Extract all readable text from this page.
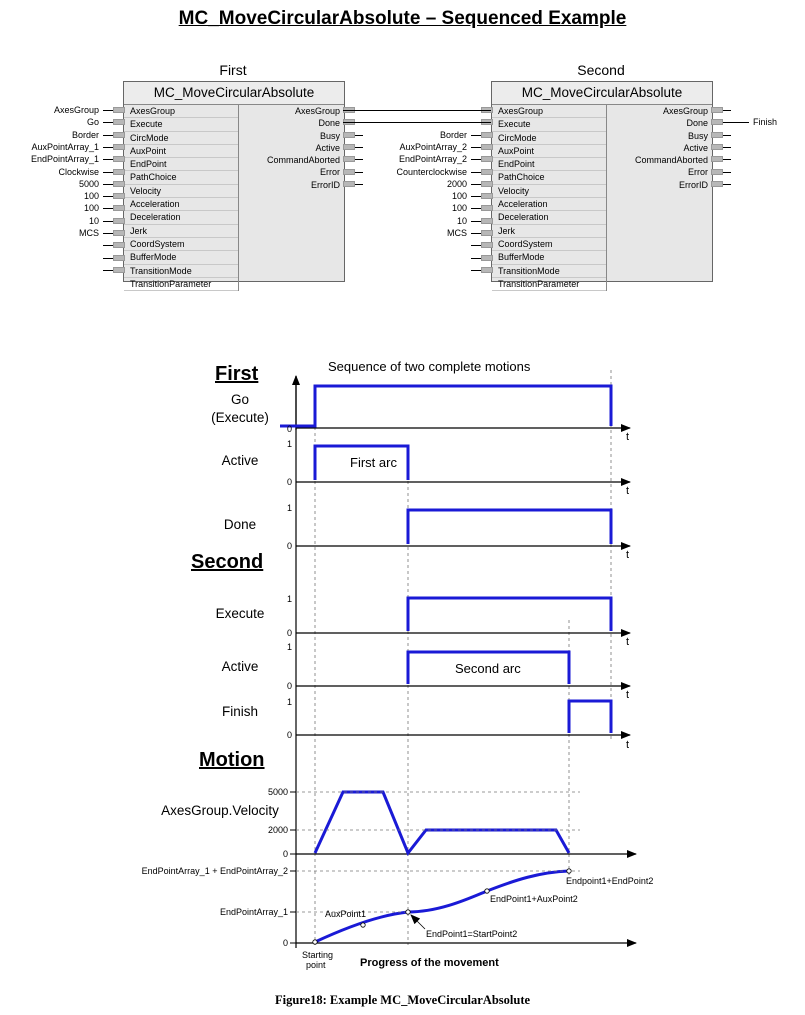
MC_MoveCircularAbsolute – Sequenced Example
First
MC_MoveCircularAbsolute
AxesGroup
Execute
CircMode
AuxPoint
EndPoint
PathChoice
Velocity
Acceleration
Deceleration
Jerk
CoordSystem
BufferMode
TransitionMode
TransitionParameter
AxesGroup
Done
Busy
Active
CommandAborted
Error
ErrorID
AxesGroup
Go
Border
AuxPointArray_1
EndPointArray_1
Clockwise
5000
100
100
10
MCS
Second
MC_MoveCircularAbsolute
AxesGroup
Execute
CircMode
AuxPoint
EndPoint
PathChoice
Velocity
Acceleration
Deceleration
Jerk
CoordSystem
BufferMode
TransitionMode
TransitionParameter
AxesGroup
Done
Busy
Active
CommandAborted
Error
ErrorID
Border
AuxPointArray_2
EndPointArray_2
Counterclockwise
2000
100
100
10
MCS
Finish
Sequence of two complete motions
0
1
0
1
0
1
0
1
0
1
0
t
t
t
t
t
t
First arc
Second arc
5000
2000
0
EndPointArray_1 + EndPointArray_2
EndPointArray_1
0
AuxPoint1
EndPoint1=StartPoint2
EndPoint1+AuxPoint2
Endpoint1+EndPoint2
Starting
point	Progress of the movement
First
Second
Motion
Go
(Execute)
Active
Done
Execute
Active
Finish
AxesGroup.Velocity
Figure18: Example MC_MoveCircularAbsolute
